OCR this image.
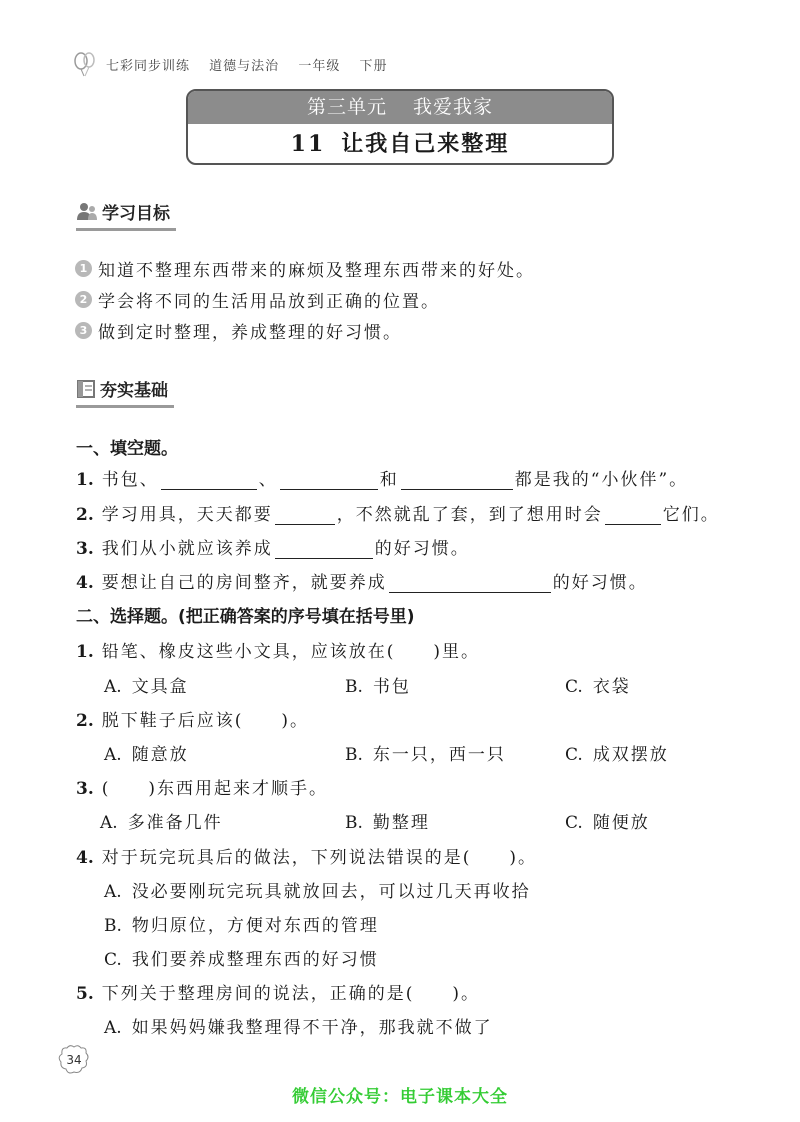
七彩同步训练 道德与法治 一年级 下册
第三单元 我爱我家
11 让我自己来整理
学习目标
1 知道不整理东西带来的麻烦及整理东西带来的好处。
2 学会将不同的生活用品放到正确的位置。
3 做到定时整理，养成整理的好习惯。
夯实基础
一、填空题。
1. 书包、	、	和	都是我的“小伙伴”。
2. 学习用具，天天都要	，不然就乱了套，到了想用时会	它们。
3. 我们从小就应该养成	的好习惯。
4. 要想让自己的房间整齐，就要养成	的好习惯。
二、选择题。(把正确答案的序号填在括号里)
1. 铅笔、橡皮这些小文具，应该放在(　　)里。
A. 文具盒	B. 书包	C. 衣袋
2. 脱下鞋子后应该(　　)。
A. 随意放	B. 东一只，西一只	C. 成双摆放
3. (　　)东西用起来才顺手。
A. 多准备几件	B. 勤整理	C. 随便放
4. 对于玩完玩具后的做法，下列说法错误的是(　　)。
A. 没必要刚玩完玩具就放回去，可以过几天再收拾
B. 物归原位，方便对东西的管理
C. 我们要养成整理东西的好习惯
5. 下列关于整理房间的说法，正确的是(　　)。
A. 如果妈妈嫌我整理得不干净，那我就不做了
34
微信公众号：电子课本大全
